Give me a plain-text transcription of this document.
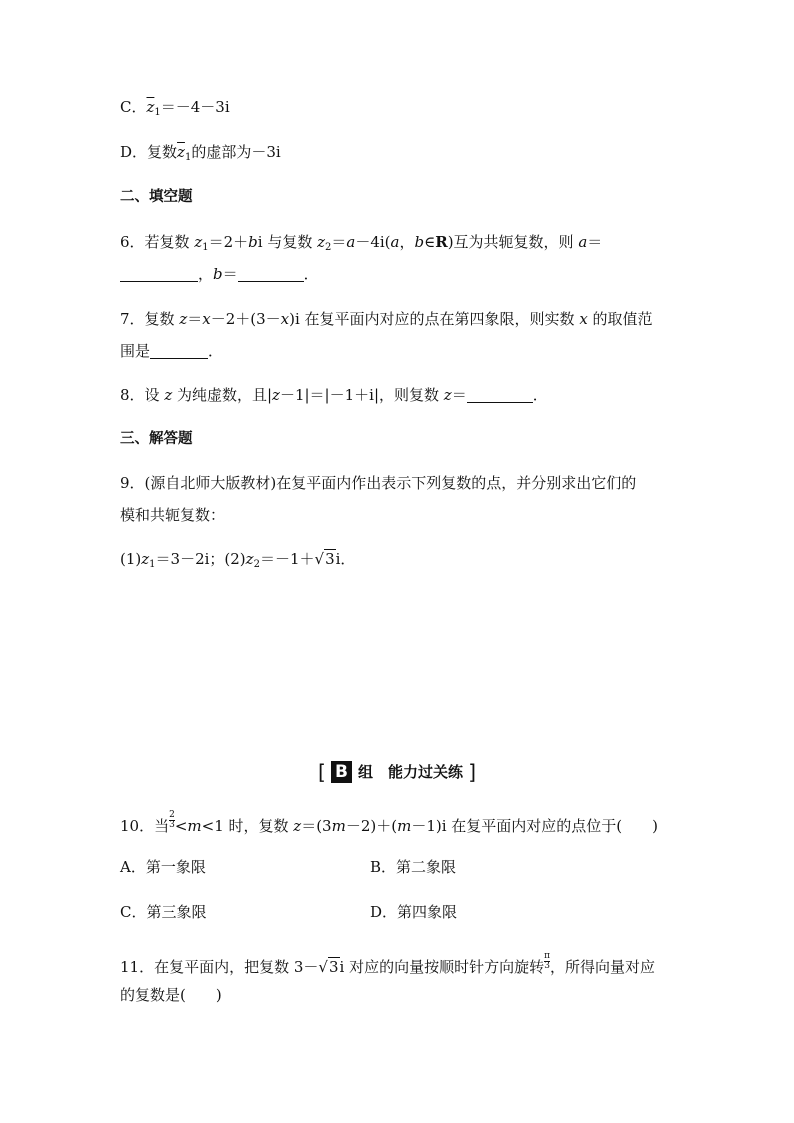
C．$\overline{z}_1=-4-3i$
D．复数$\overline{z}_1$的虚部为－3i
二、填空题
6．若复数 $z_1=2+bi$ 与复数 $z_2=a-4i(a$，b∈R)互为共轭复数，则 a＝
，b＝	．
7．复数 z＝x－2＋(3－x)i 在复平面内对应的点在第四象限，则实数 x 的取值范
围是	．
8．设 z 为纯虚数，且|z－1|＝|－1＋i|，则复数 z＝	．
三、解答题
9．(源自北师大版教材)在复平面内作出表示下列复数的点，并分别求出它们的
模和共轭复数：
$(1)z_1=3-2i$；$(2)z_2=-1+√3i$．
[ B 组　能力过关练 ]
10．当 $\frac{2}{3} <m<1$ 时，复数 z＝(3m－2)＋(m－1)i 在复平面内对应的点位于(　　)
A．第一象限	B．第二象限
C．第三象限	D．第四象限
11．在复平面内，把复数 3－√3i 对应的向量按顺时针方向旋转 $\frac{\pi}{3}$ ，所得向量对应
的复数是(　　)
